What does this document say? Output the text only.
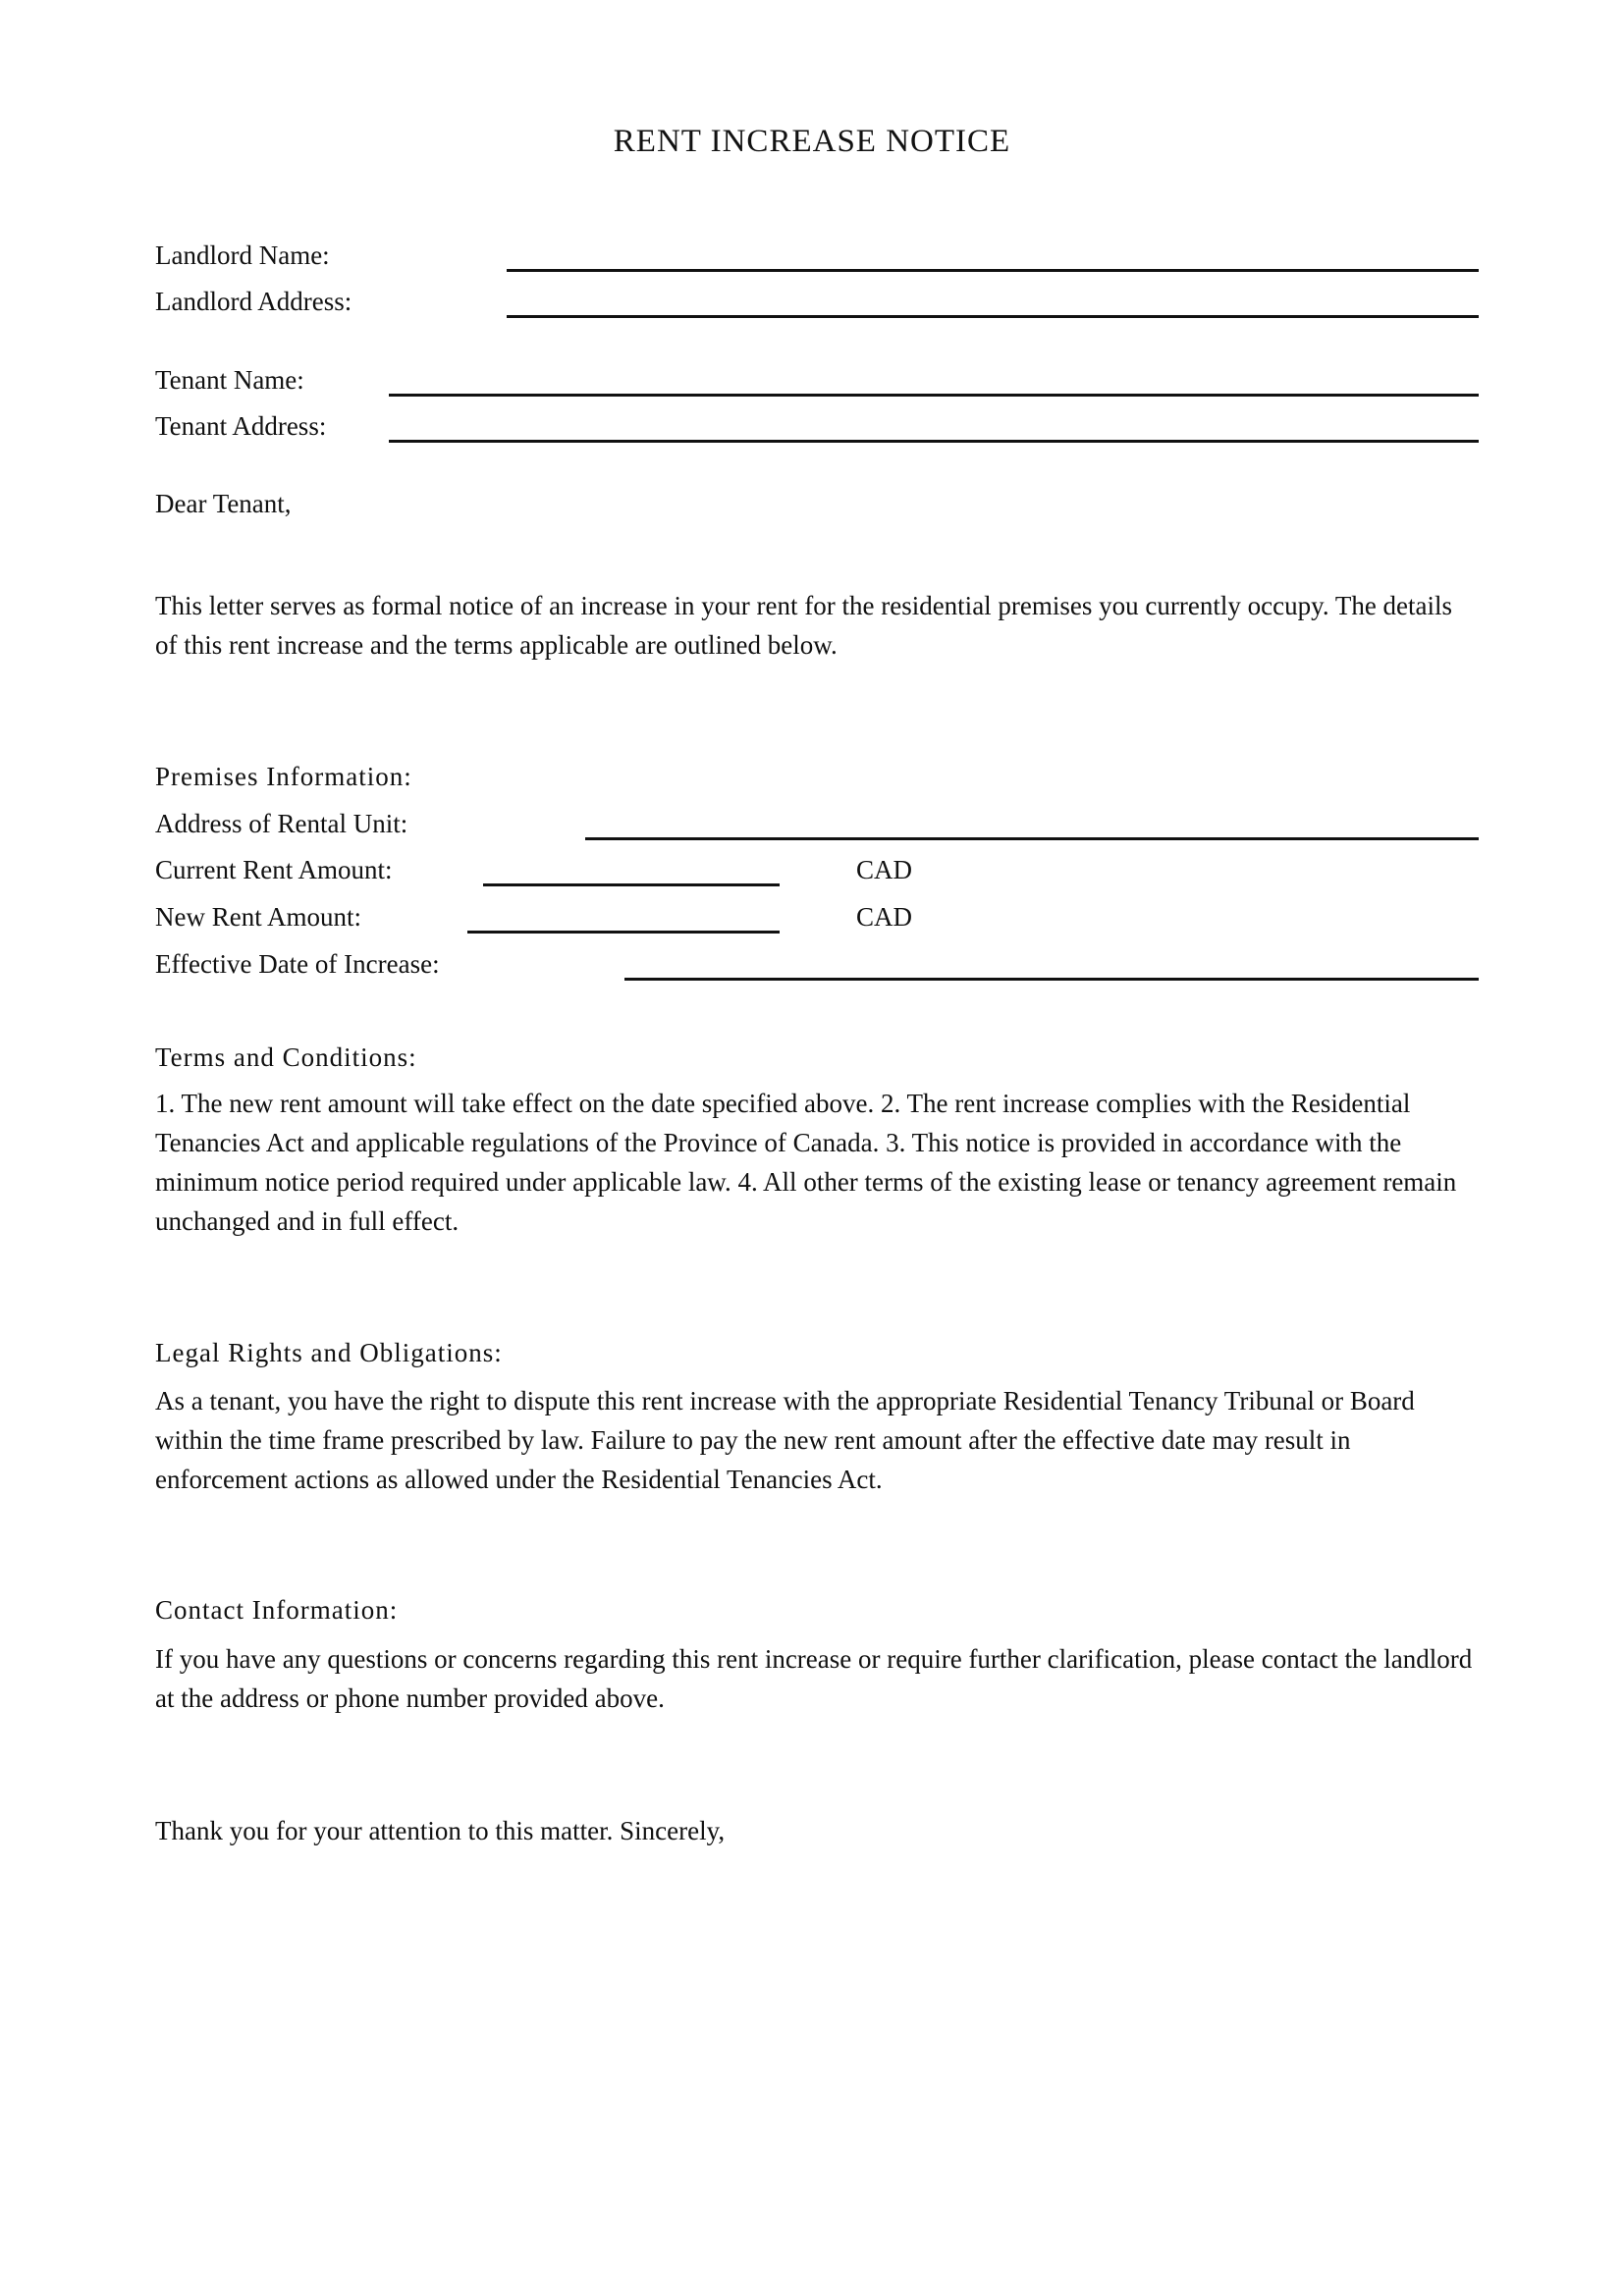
RENT INCREASE NOTICE
Landlord Name:
Landlord Address:
Tenant Name:
Tenant Address:
Dear Tenant,

This letter serves as formal notice of an increase in your rent for the residential premises you currently occupy. The details of this rent increase and the terms applicable are outlined below.

Premises Information:
Address of Rental Unit:
Current Rent Amount:	CAD
New Rent Amount:	CAD
Effective Date of Increase:
Terms and Conditions:

1. The new rent amount will take effect on the date specified above. 2. The rent increase complies with the Residential Tenancies Act and applicable regulations of the Province of Canada. 3. This notice is provided in accordance with the minimum notice period required under applicable law. 4. All other terms of the existing lease or tenancy agreement remain unchanged and in full effect.

Legal Rights and Obligations:

As a tenant, you have the right to dispute this rent increase with the appropriate Residential Tenancy Tribunal or Board within the time frame prescribed by law. Failure to pay the new rent amount after the effective date may result in enforcement actions as allowed under the Residential Tenancies Act.

Contact Information:

If you have any questions or concerns regarding this rent increase or require further clarification, please contact the landlord at the address or phone number provided above.

Thank you for your attention to this matter. Sincerely,
